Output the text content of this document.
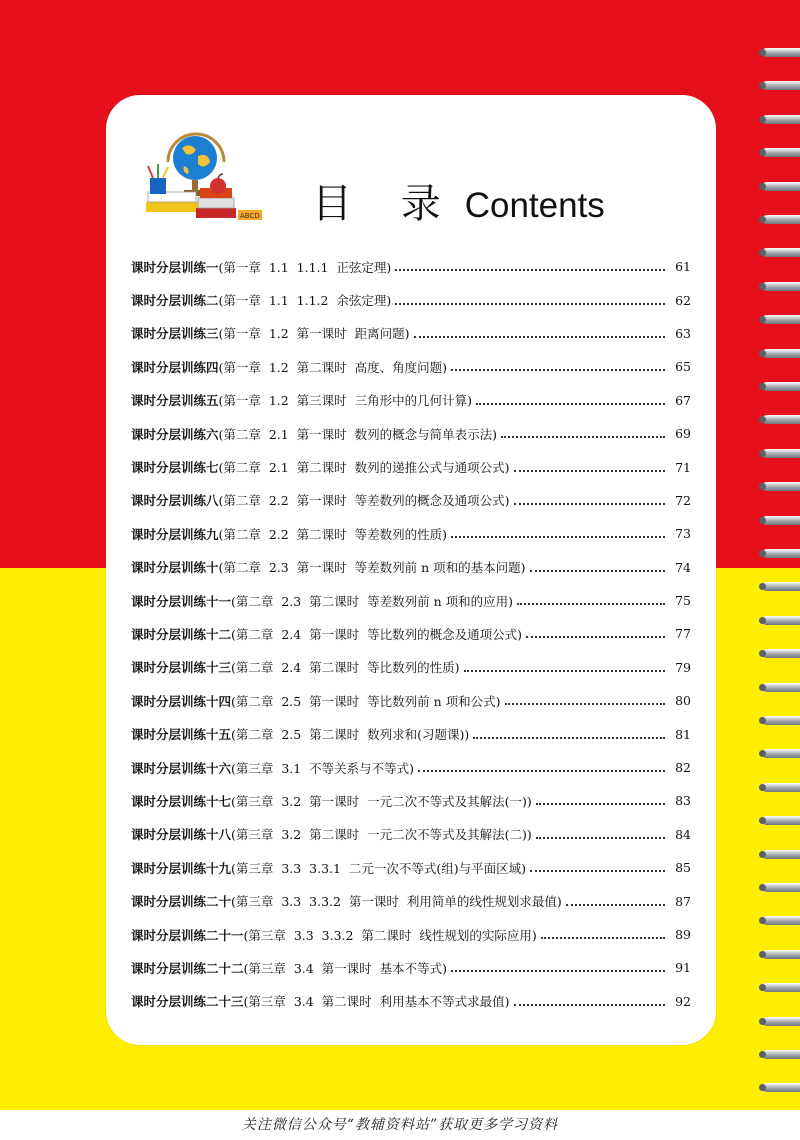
关注微信公众号“教辅资料站”获取更多学习资料
ABCD 目 录 Contents
课时分层训练一 (第一章  1.1  1.1.1  正弦定理)	61
课时分层训练二 (第一章  1.1  1.1.2  余弦定理)	62
课时分层训练三 (第一章  1.2  第一课时  距离问题)	63
课时分层训练四 (第一章  1.2  第二课时  高度、角度问题)	65
课时分层训练五 (第一章  1.2  第三课时  三角形中的几何计算)	67
课时分层训练六 (第二章  2.1  第一课时  数列的概念与简单表示法)	69
课时分层训练七 (第二章  2.1  第二课时  数列的递推公式与通项公式)	71
课时分层训练八 (第二章  2.2  第一课时  等差数列的概念及通项公式)	72
课时分层训练九 (第二章  2.2  第二课时  等差数列的性质)	73
课时分层训练十 (第二章  2.3  第一课时  等差数列前 n 项和的基本问题)	74
课时分层训练十一 (第二章  2.3  第二课时  等差数列前 n 项和的应用)	75
课时分层训练十二 (第二章  2.4  第一课时  等比数列的概念及通项公式)	77
课时分层训练十三 (第二章  2.4  第二课时  等比数列的性质)	79
课时分层训练十四 (第二章  2.5  第一课时  等比数列前 n 项和公式)	80
课时分层训练十五 (第二章  2.5  第二课时  数列求和(习题课))	81
课时分层训练十六 (第三章  3.1  不等关系与不等式)	82
课时分层训练十七 (第三章  3.2  第一课时  一元二次不等式及其解法(一))	83
课时分层训练十八 (第三章  3.2  第二课时  一元二次不等式及其解法(二))	84
课时分层训练十九 (第三章  3.3  3.3.1  二元一次不等式(组)与平面区域)	85
课时分层训练二十 (第三章  3.3  3.3.2  第一课时  利用简单的线性规划求最值)	87
课时分层训练二十一 (第三章  3.3  3.3.2  第二课时  线性规划的实际应用)	89
课时分层训练二十二 (第三章  3.4  第一课时  基本不等式)	91
课时分层训练二十三 (第三章  3.4  第二课时  利用基本不等式求最值)	92
